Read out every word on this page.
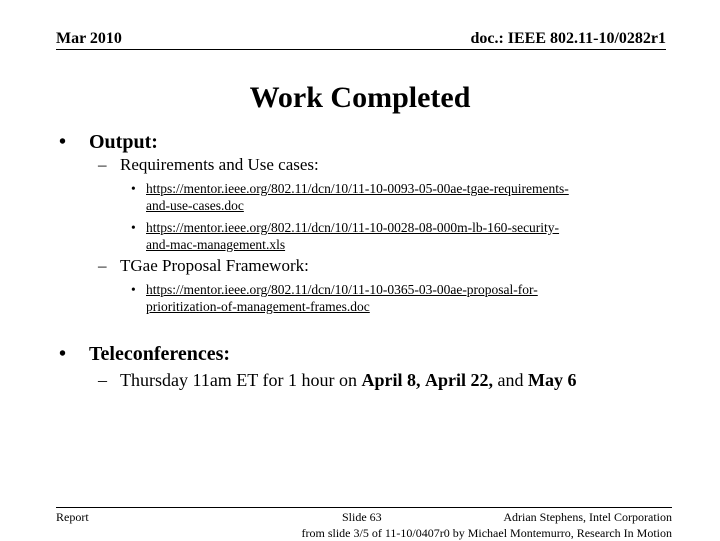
Mar 2010	doc.: IEEE 802.11-10/0282r1
Work Completed
• Output:
– Requirements and Use cases:
• https://mentor.ieee.org/802.11/dcn/10/11-10-0093-05-00ae-tgae-requirements-
and-use-cases.doc
• https://mentor.ieee.org/802.11/dcn/10/11-10-0028-08-000m-lb-160-security-
and-mac-management.xls
– TGae Proposal Framework:
• https://mentor.ieee.org/802.11/dcn/10/11-10-0365-03-00ae-proposal-for-
prioritization-of-management-frames.doc
• Teleconferences:
– Thursday 11am ET for 1 hour on April 8, April 22, and May 6
Report	Slide 63	Adrian Stephens, Intel Corporation
from slide 3/5 of 11-10/0407r0 by Michael Montemurro, Research In Motion
